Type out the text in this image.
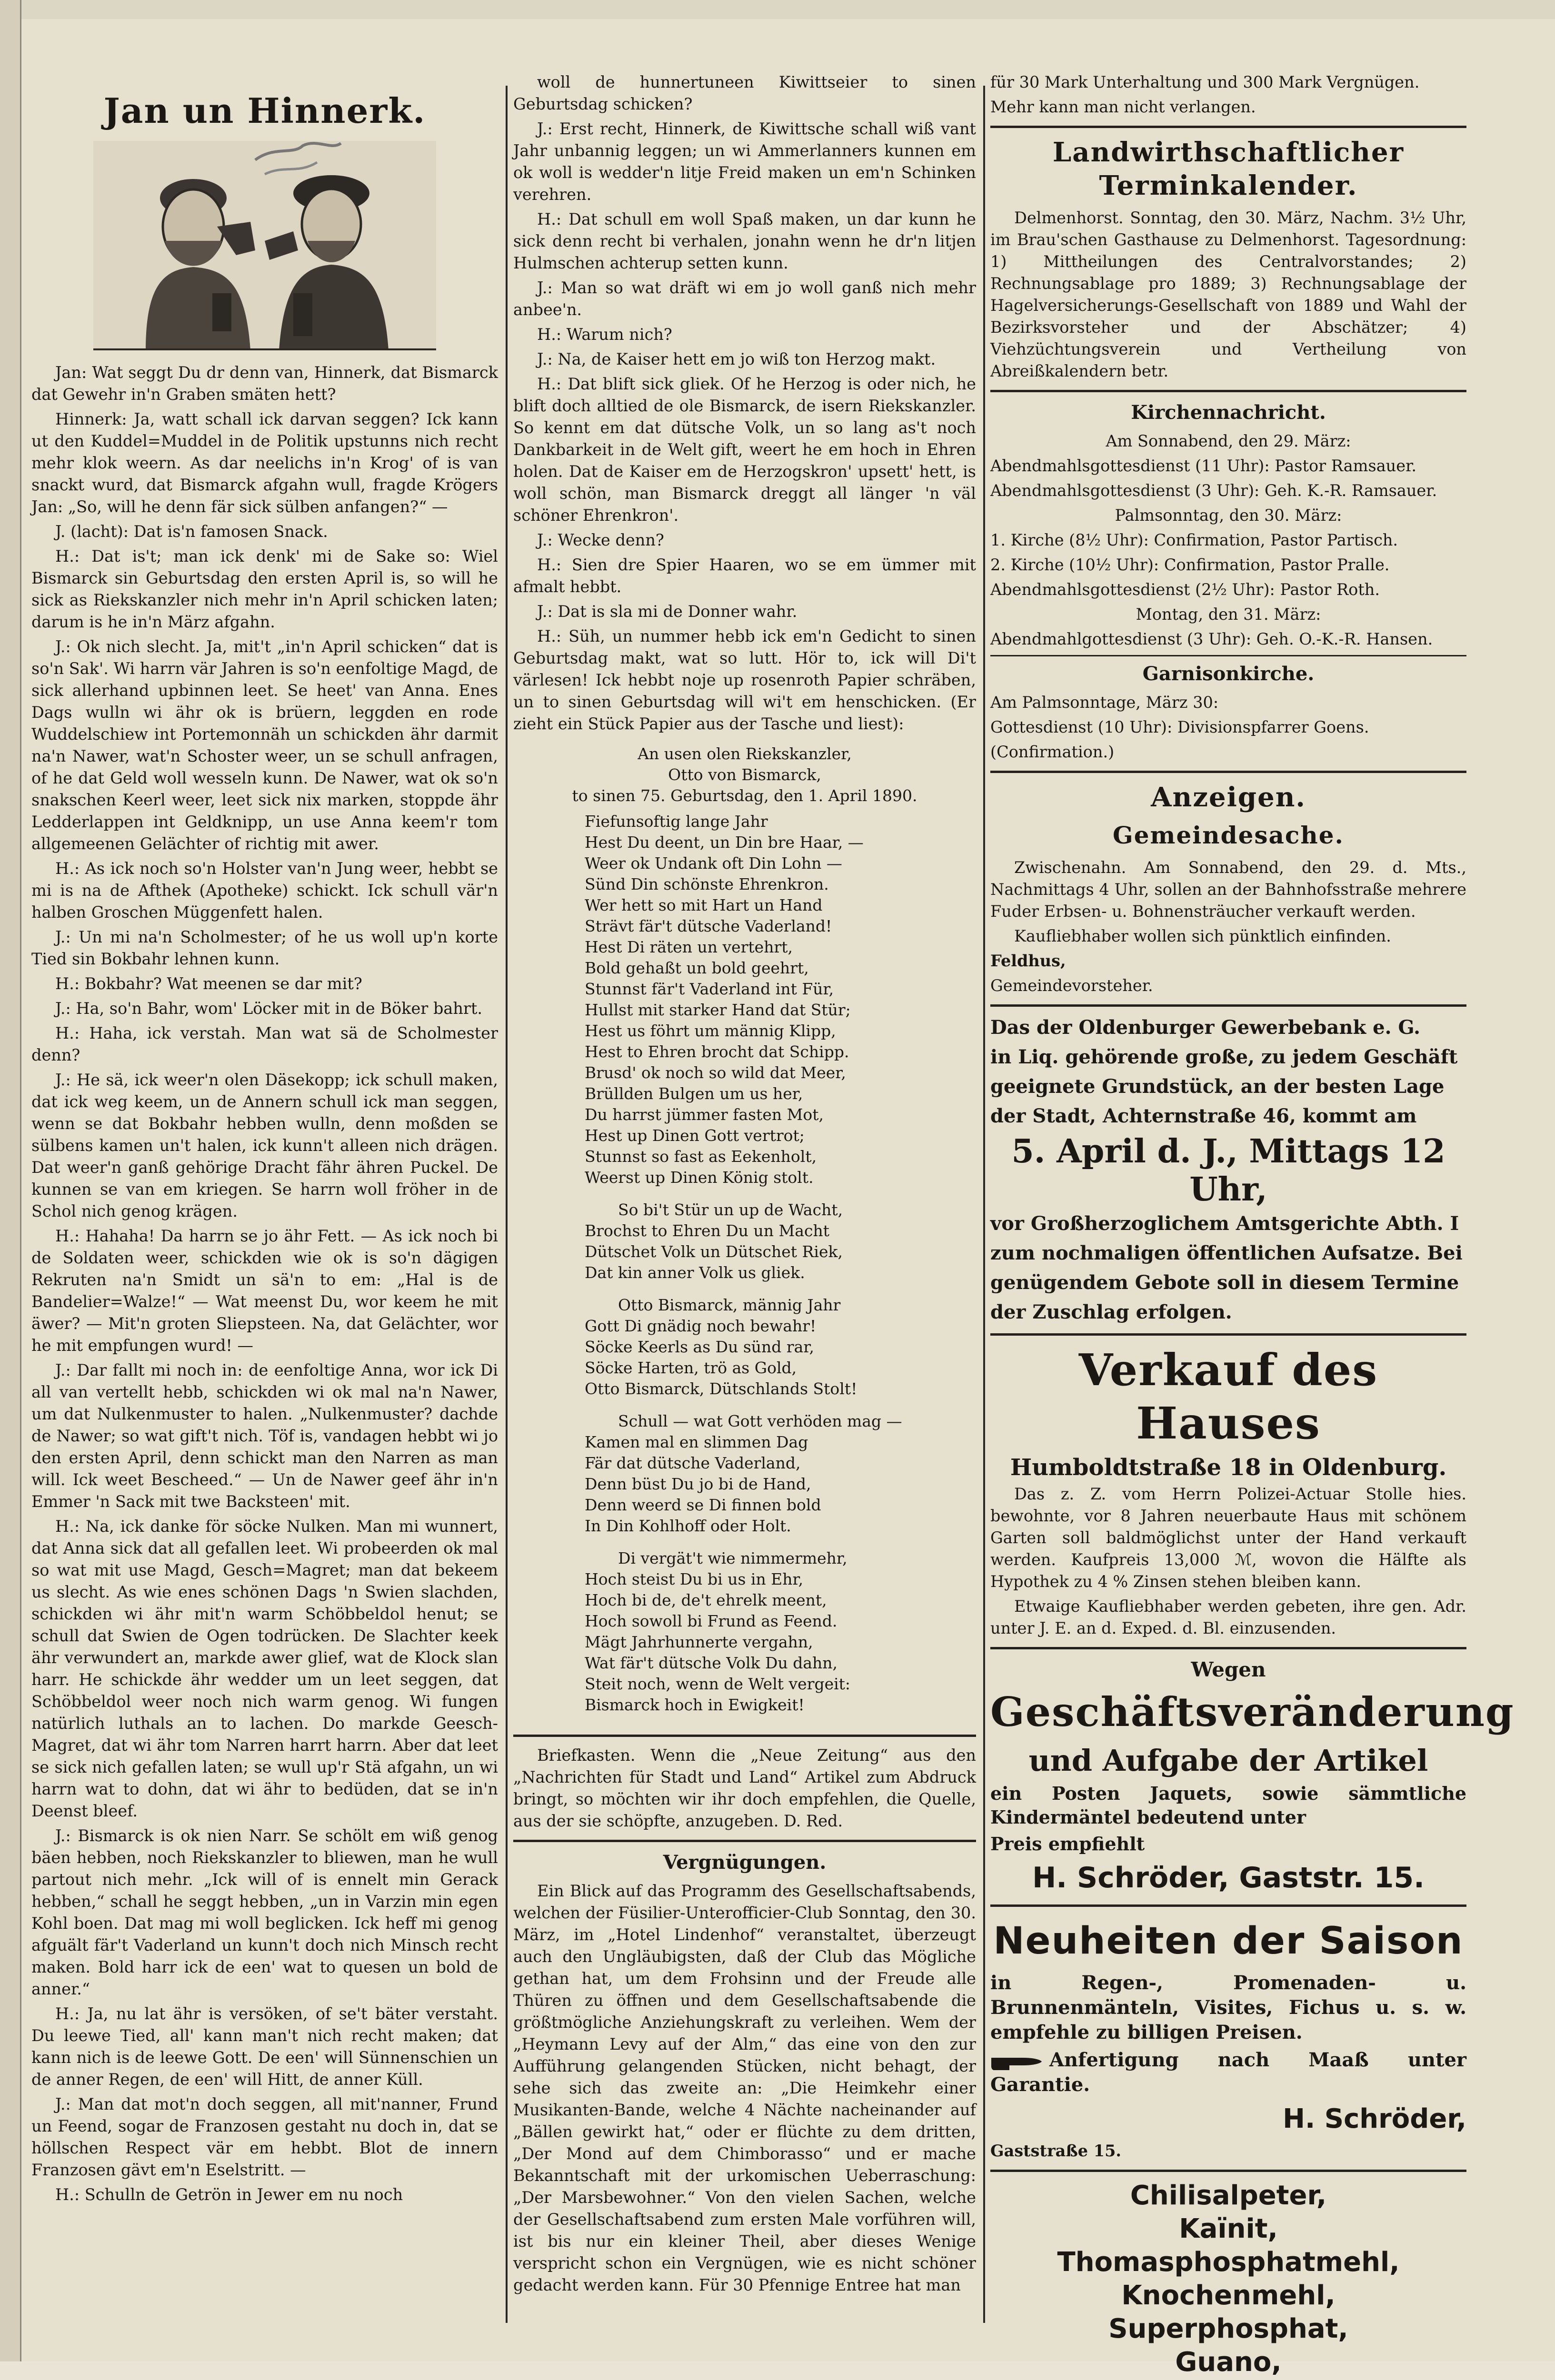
Jan un Hinnerk.

Jan: Wat seggt Du dr denn van, Hinnerk, dat Bismarck dat Gewehr in'n Graben smäten hett?

Hinnerk: Ja, watt schall ick darvan seggen? Ick kann ut den Kuddel=Muddel in de Politik upstunns nich recht mehr klok weern. As dar neelichs in'n Krog' of is van snackt wurd, dat Bismarck afgahn wull, fragde Krögers Jan: „So, will he denn fär sick sülben anfangen?“ —

J. (lacht): Dat is'n famosen Snack.

H.: Dat is't; man ick denk' mi de Sake so: Wiel Bismarck sin Geburtsdag den ersten April is, so will he sick as Riekskanzler nich mehr in'n April schicken laten; darum is he in'n März afgahn.

J.: Ok nich slecht. Ja, mit't „in'n April schicken“ dat is so'n Sak'. Wi harrn vär Jahren is so'n eenfoltige Magd, de sick allerhand upbinnen leet. Se heet' van Anna. Enes Dags wulln wi ähr ok is brüern, leggden en rode Wuddelschiew int Portemonnäh un schickden ähr darmit na'n Nawer, wat'n Schoster weer, un se schull anfragen, of he dat Geld woll wesseln kunn. De Nawer, wat ok so'n snakschen Keerl weer, leet sick nix marken, stoppde ähr Ledderlappen int Geldknipp, un use Anna keem'r tom allgemeenen Gelächter of richtig mit awer.

H.: As ick noch so'n Holster van'n Jung weer, hebbt se mi is na de Afthek (Apotheke) schickt. Ick schull vär'n halben Groschen Müggenfett halen.

J.: Un mi na'n Scholmester; of he us woll up'n korte Tied sin Bokbahr lehnen kunn.

H.: Bokbahr? Wat meenen se dar mit?

J.: Ha, so'n Bahr, wom' Löcker mit in de Böker bahrt.

H.: Haha, ick verstah. Man wat sä de Scholmester denn?

J.: He sä, ick weer'n olen Däsekopp; ick schull maken, dat ick weg keem, un de Annern schull ick man seggen, wenn se dat Bokbahr hebben wulln, denn moßden se sülbens kamen un't halen, ick kunn't alleen nich drägen. Dat weer'n ganß gehörige Dracht fähr ähren Puckel. De kunnen se van em kriegen. Se harrn woll fröher in de Schol nich genog krägen.

H.: Hahaha! Da harrn se jo ähr Fett. — As ick noch bi de Soldaten weer, schickden wie ok is so'n dägigen Rekruten na'n Smidt un sä'n to em: „Hal is de Bandelier=Walze!“ — Wat meenst Du, wor keem he mit äwer? — Mit'n groten Sliepsteen. Na, dat Gelächter, wor he mit empfungen wurd! —

J.: Dar fallt mi noch in: de eenfoltige Anna, wor ick Di all van vertellt hebb, schickden wi ok mal na'n Nawer, um dat Nulkenmuster to halen. „Nulkenmuster? dachde de Nawer; so wat gift't nich. Töf is, vandagen hebbt wi jo den ersten April, denn schickt man den Narren as man will. Ick weet Bescheed.“ — Un de Nawer geef ähr in'n Emmer 'n Sack mit twe Backsteen' mit.

H.: Na, ick danke för söcke Nulken. Man mi wunnert, dat Anna sick dat all gefallen leet. Wi probeerden ok mal so wat mit use Magd, Gesch=Magret; man dat bekeem us slecht. As wie enes schönen Dags 'n Swien slachden, schickden wi ähr mit'n warm Schöbbeldol henut; se schull dat Swien de Ogen todrücken. De Slachter keek ähr verwundert an, markde awer glief, wat de Klock slan harr. He schickde ähr wedder um un leet seggen, dat Schöbbeldol weer noch nich warm genog. Wi fungen natürlich luthals an to lachen. Do markde Geesch-Magret, dat wi ähr tom Narren harrt harrn. Aber dat leet se sick nich gefallen laten; se wull up'r Stä afgahn, un wi harrn wat to dohn, dat wi ähr to bedüden, dat se in'n Deenst bleef.

J.: Bismarck is ok nien Narr. Se schölt em wiß genog bäen hebben, noch Riekskanzler to bliewen, man he wull partout nich mehr. „Ick will of is ennelt min Gerack hebben,“ schall he seggt hebben, „un in Varzin min egen Kohl boen. Dat mag mi woll beglicken. Ick heff mi genog afguält fär't Vaderland un kunn't doch nich Minsch recht maken. Bold harr ick de een' wat to quesen un bold de anner.“

H.: Ja, nu lat ähr is versöken, of se't bäter verstaht. Du leewe Tied, all' kann man't nich recht maken; dat kann nich is de leewe Gott. De een' will Sünnenschien un de anner Regen, de een' will Hitt, de anner Küll.

J.: Man dat mot'n doch seggen, all mit'nanner, Frund un Feend, sogar de Franzosen gestaht nu doch in, dat se höllschen Respect vär em hebbt. Blot de innern Franzosen gävt em'n Eselstritt. —

H.: Schulln de Getrön in Jewer em nu noch

woll de hunnertuneen Kiwittseier to sinen Geburtsdag schicken?

J.: Erst recht, Hinnerk, de Kiwittsche schall wiß vant Jahr unbannig leggen; un wi Ammerlanners kunnen em ok woll is wedder'n litje Freid maken un em'n Schinken verehren.

H.: Dat schull em woll Spaß maken, un dar kunn he sick denn recht bi verhalen, jonahn wenn he dr'n litjen Hulmschen achterup setten kunn.

J.: Man so wat dräft wi em jo woll ganß nich mehr anbee'n.

H.: Warum nich?

J.: Na, de Kaiser hett em jo wiß ton Herzog makt.

H.: Dat blift sick gliek. Of he Herzog is oder nich, he blift doch alltied de ole Bismarck, de isern Riekskanzler. So kennt em dat dütsche Volk, un so lang as't noch Dankbarkeit in de Welt gift, weert he em hoch in Ehren holen. Dat de Kaiser em de Herzogskron' upsett' hett, is woll schön, man Bismarck dreggt all länger 'n väl schöner Ehrenkron'.

J.: Wecke denn?

H.: Sien dre Spier Haaren, wo se em ümmer mit afmalt hebbt.

J.: Dat is sla mi de Donner wahr.

H.: Süh, un nummer hebb ick em'n Gedicht to sinen Geburtsdag makt, wat so lutt. Hör to, ick will Di't värlesen! Ick hebbt noje up rosenroth Papier schräben, un to sinen Geburtsdag will wi't em henschicken. (Er zieht ein Stück Papier aus der Tasche und liest):

An usen olen Riekskanzler,
Otto von Bismarck,
to sinen 75. Geburtsdag, den 1. April 1890.
Fiefunsoftig lange Jahr
Hest Du deent, un Din bre Haar, —
Weer ok Undank oft Din Lohn —
Sünd Din schönste Ehrenkron.
Wer hett so mit Hart un Hand
Strävt fär't dütsche Vaderland!
Hest Di räten un vertehrt,
Bold gehaßt un bold geehrt,
Stunnst fär't Vaderland int Für,
Hullst mit starker Hand dat Stür;
Hest us föhrt um männig Klipp,
Hest to Ehren brocht dat Schipp.
Brusd' ok noch so wild dat Meer,
Brüllden Bulgen um us her,
Du harrst jümmer fasten Mot,
Hest up Dinen Gott vertrot;
Stunnst so fast as Eekenholt,
Weerst up Dinen König stolt.
So bi't Stür un up de Wacht,
Brochst to Ehren Du un Macht
Dütschet Volk un Dütschet Riek,
Dat kin anner Volk us gliek.
Otto Bismarck, männig Jahr
Gott Di gnädig noch bewahr!
Söcke Keerls as Du sünd rar,
Söcke Harten, trö as Gold,
Otto Bismarck, Dütschlands Stolt!
Schull — wat Gott verhöden mag —
Kamen mal en slimmen Dag
Fär dat dütsche Vaderland,
Denn büst Du jo bi de Hand,
Denn weerd se Di finnen bold
In Din Kohlhoff oder Holt.
Di vergät't wie nimmermehr,
Hoch steist Du bi us in Ehr,
Hoch bi de, de't ehrelk meent,
Hoch sowoll bi Frund as Feend.
Mägt Jahrhunnerte vergahn,
Wat fär't dütsche Volk Du dahn,
Steit noch, wenn de Welt vergeit:
Bismarck hoch in Ewigkeit!

Briefkasten. Wenn die „Neue Zeitung“ aus den „Nachrichten für Stadt und Land“ Artikel zum Abdruck bringt, so möchten wir ihr doch empfehlen, die Quelle, aus der sie schöpfte, anzugeben. D. Red.

Vergnügungen.

Ein Blick auf das Programm des Gesellschaftsabends, welchen der Füsilier-Unterofficier-Club Sonntag, den 30. März, im „Hotel Lindenhof“ veranstaltet, überzeugt auch den Ungläubigsten, daß der Club das Mögliche gethan hat, um dem Frohsinn und der Freude alle Thüren zu öffnen und dem Gesellschaftsabende die größtmögliche Anziehungskraft zu verleihen. Wem der „Heymann Levy auf der Alm,“ das eine von den zur Aufführung gelangenden Stücken, nicht behagt, der sehe sich das zweite an: „Die Heimkehr einer Musikanten-Bande, welche 4 Nächte nacheinander auf „Bällen gewirkt hat,“ oder er flüchte zu dem dritten, „Der Mond auf dem Chimborasso“ und er mache Bekanntschaft mit der urkomischen Ueberraschung: „Der Marsbewohner.“ Von den vielen Sachen, welche der Gesellschaftsabend zum ersten Male vorführen will, ist bis nur ein kleiner Theil, aber dieses Wenige verspricht schon ein Vergnügen, wie es nicht schöner gedacht werden kann. Für 30 Pfennige Entree hat man

für 30 Mark Unterhaltung und 300 Mark Vergnügen.

Mehr kann man nicht verlangen.

Landwirthschaftlicher Terminkalender.

Delmenhorst. Sonntag, den 30. März, Nachm. 3½ Uhr, im Brau'schen Gasthause zu Delmenhorst. Tagesordnung: 1) Mittheilungen des Centralvorstandes; 2) Rechnungsablage pro 1889; 3) Rechnungsablage der Hagelversicherungs-Gesellschaft von 1889 und Wahl der Bezirksvorsteher und der Abschätzer; 4) Viehzüchtungsverein und Vertheilung von Abreißkalendern betr.

Kirchennachricht.

Am Sonnabend, den 29. März:

Abendmahlsgottesdienst (11 Uhr): Pastor Ramsauer.

Abendmahlsgottesdienst (3 Uhr): Geh. K.-R. Ramsauer.

Palmsonntag, den 30. März:

1. Kirche (8½ Uhr): Confirmation, Pastor Partisch.

2. Kirche (10½ Uhr): Confirmation, Pastor Pralle.

Abendmahlsgottesdienst (2½ Uhr): Pastor Roth.

Montag, den 31. März:

Abendmahlgottesdienst (3 Uhr): Geh. O.-K.-R. Hansen.

Garnisonkirche.

Am Palmsonntage, März 30:

Gottesdienst (10 Uhr): Divisionspfarrer Goens.

(Confirmation.)

Anzeigen.
Gemeindesache.

Zwischenahn. Am Sonnabend, den 29. d. Mts., Nachmittags 4 Uhr, sollen an der Bahnhofsstraße mehrere Fuder Erbsen- u. Bohnensträucher verkauft werden.

Kaufliebhaber wollen sich pünktlich einfinden.

Feldhus,

Gemeindevorsteher.

Das der Oldenburger Gewerbebank e. G.

in Liq. gehörende große, zu jedem Geschäft

geeignete Grundstück, an der besten Lage

der Stadt, Achternstraße 46, kommt am

5. April d. J., Mittags 12 Uhr,

vor Großherzoglichem Amtsgerichte Abth. I

zum nochmaligen öffentlichen Aufsatze. Bei

genügendem Gebote soll in diesem Termine

der Zuschlag erfolgen.

Verkauf des Hauses
Humboldtstraße 18 in Oldenburg.

Das z. Z. vom Herrn Polizei-Actuar Stolle hies. bewohnte, vor 8 Jahren neuerbaute Haus mit schönem Garten soll baldmöglichst unter der Hand verkauft werden. Kaufpreis 13,000 ℳ, wovon die Hälfte als Hypothek zu 4 % Zinsen stehen bleiben kann.

Etwaige Kaufliebhaber werden gebeten, ihre gen. Adr. unter J. E. an d. Exped. d. Bl. einzusenden.

Wegen
Geschäftsveränderung
und Aufgabe der Artikel

ein Posten Jaquets, sowie sämmtliche Kindermäntel bedeutend unter

Preis empfiehlt

H. Schröder, Gaststr. 15.
Neuheiten der Saison

in Regen-, Promenaden- u. Brunnenmänteln, Visites, Fichus u. s. w. empfehle zu billigen Preisen.

Anfertigung nach Maaß unter Garantie.

H. Schröder,

Gaststraße 15.

Chilisalpeter,
Kaïnit,
Thomasphosphatmehl,
Knochenmehl,
Superphosphat,
Guano,
